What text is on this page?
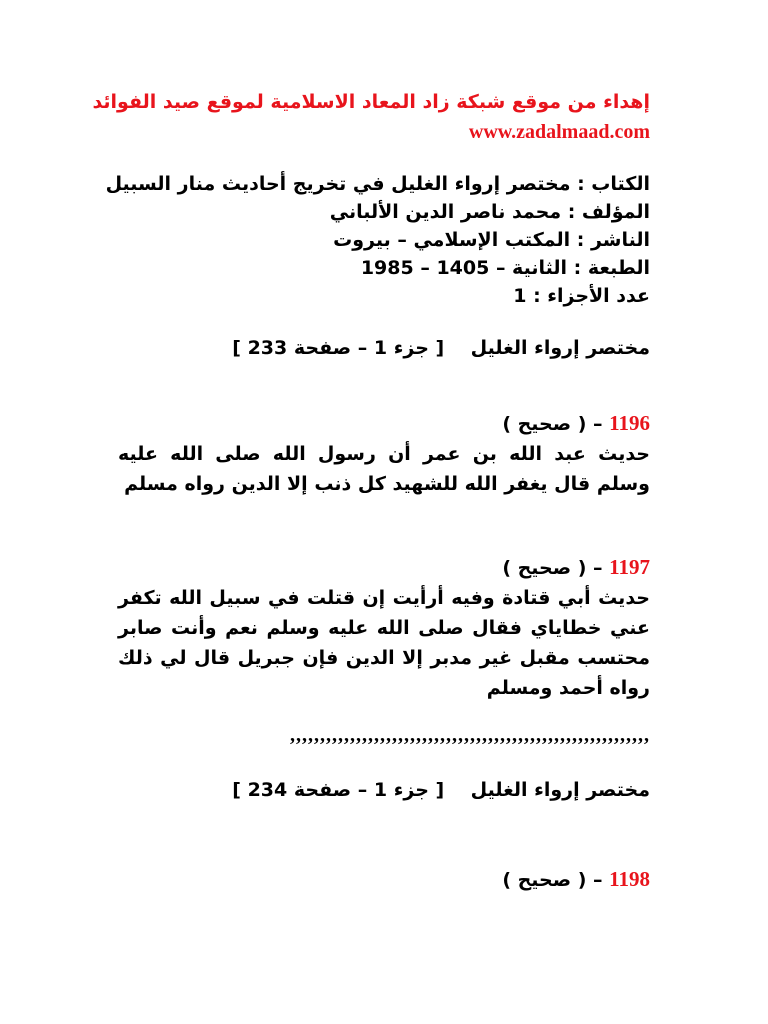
إهداء من موقع شبكة زاد المعاد الاسلامية لموقع صيد الفوائد
www.zadalmaad.com
الكتاب : مختصر إرواء الغليل في تخريج أحاديث منار السبيل
المؤلف : محمد ناصر الدين الألباني
الناشر : المكتب الإسلامي – بيروت
الطبعة : الثانية – 1405 – 1985
عدد الأجزاء : 1
مختصر إرواء الغليل    [ جزء 1 – صفحة 233 ]
1196 – ( صحيح )
حديث عبد الله بن عمر أن رسول الله صلى الله عليه وسلم قال يغفر الله للشهيد كل ذنب إلا الدين رواه مسلم
1197 – ( صحيح )
حديث أبي قتادة وفيه أرأيت إن قتلت في سبيل الله تكفر عني خطاياي فقال صلى الله عليه وسلم نعم وأنت صابر محتسب مقبل غير مدبر إلا الدين فإن جبريل قال لي ذلك رواه أحمد ومسلم
,,,,,,,,,,,,,,,,,,,,,,,,,,,,,,,,,,,,,,,,,,,,,,,,,,,,,,,,,,,,
مختصر إرواء الغليل    [ جزء 1 – صفحة 234 ]
1198 – ( صحيح )
